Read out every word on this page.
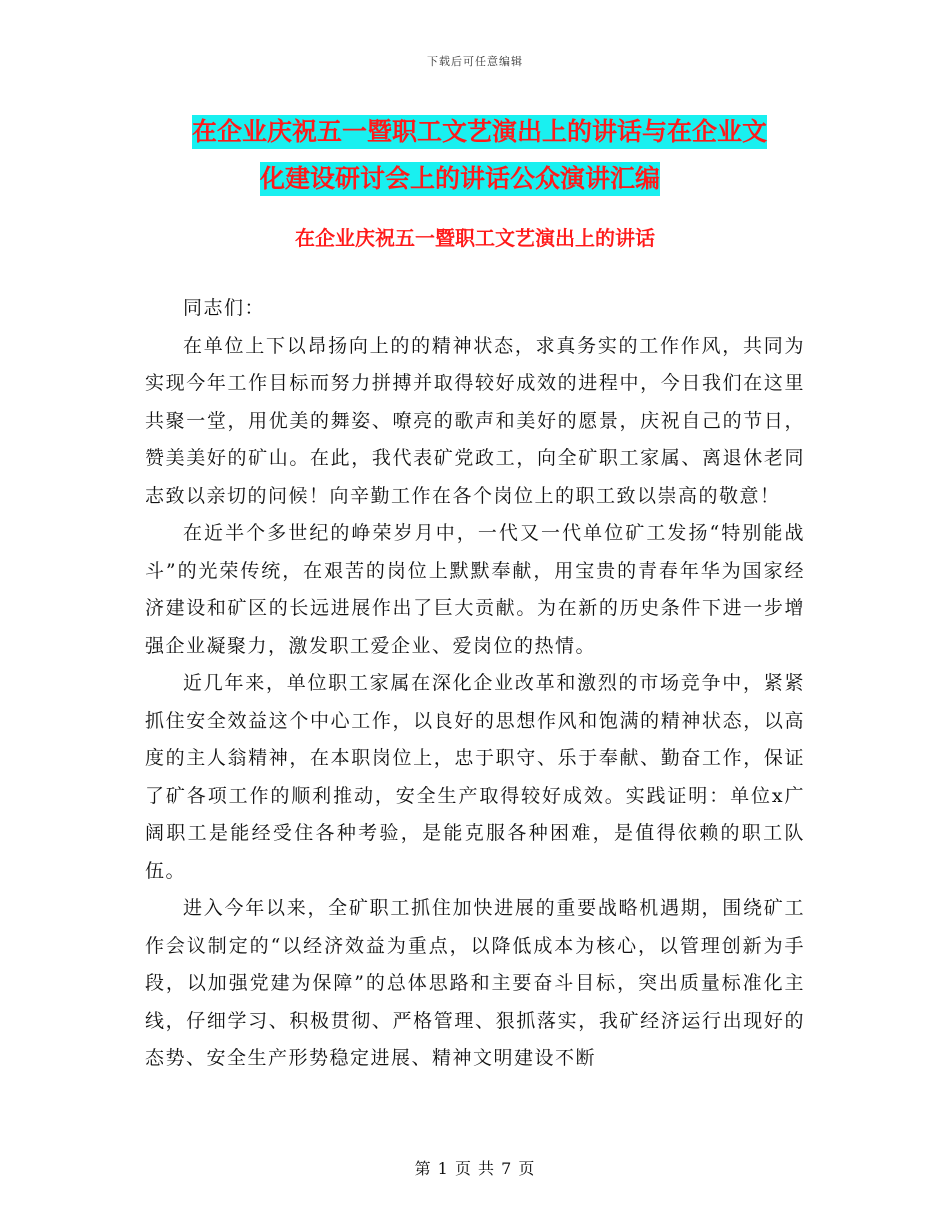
下载后可任意编辑
在企业庆祝五一暨职工文艺演出上的讲话与在企业文
化建设研讨会上的讲话公众演讲汇编
在企业庆祝五一暨职工文艺演出上的讲话

同志们：

在单位上下以昂扬向上的的精神状态，求真务实的工作作风，共同为实现今年工作目标而努力拼搏并取得较好成效的进程中，今日我们在这里共聚一堂，用优美的舞姿、嘹亮的歌声和美好的愿景，庆祝自己的节日，赞美美好的矿山。在此，我代表矿党政工，向全矿职工家属、离退休老同志致以亲切的问候！向辛勤工作在各个岗位上的职工致以崇高的敬意！

在近半个多世纪的峥荣岁月中，一代又一代单位矿工发扬“特别能战斗”的光荣传统，在艰苦的岗位上默默奉献，用宝贵的青春年华为国家经济建设和矿区的长远进展作出了巨大贡献。为在新的历史条件下进一步增强企业凝聚力，激发职工爱企业、爱岗位的热情。

近几年来，单位职工家属在深化企业改革和激烈的市场竞争中，紧紧抓住安全效益这个中心工作，以良好的思想作风和饱满的精神状态，以高度的主人翁精神，在本职岗位上，忠于职守、乐于奉献、勤奋工作，保证了矿各项工作的顺利推动，安全生产取得较好成效。实践证明：单位x广阔职工是能经受住各种考验，是能克服各种困难，是值得依赖的职工队伍。

进入今年以来，全矿职工抓住加快进展的重要战略机遇期，围绕矿工作会议制定的“以经济效益为重点，以降低成本为核心，以管理创新为手段，以加强党建为保障”的总体思路和主要奋斗目标，突出质量标准化主线，仔细学习、积极贯彻、严格管理、狠抓落实，我矿经济运行出现好的态势、安全生产形势稳定进展、精神文明建设不断

第 1 页 共 7 页
